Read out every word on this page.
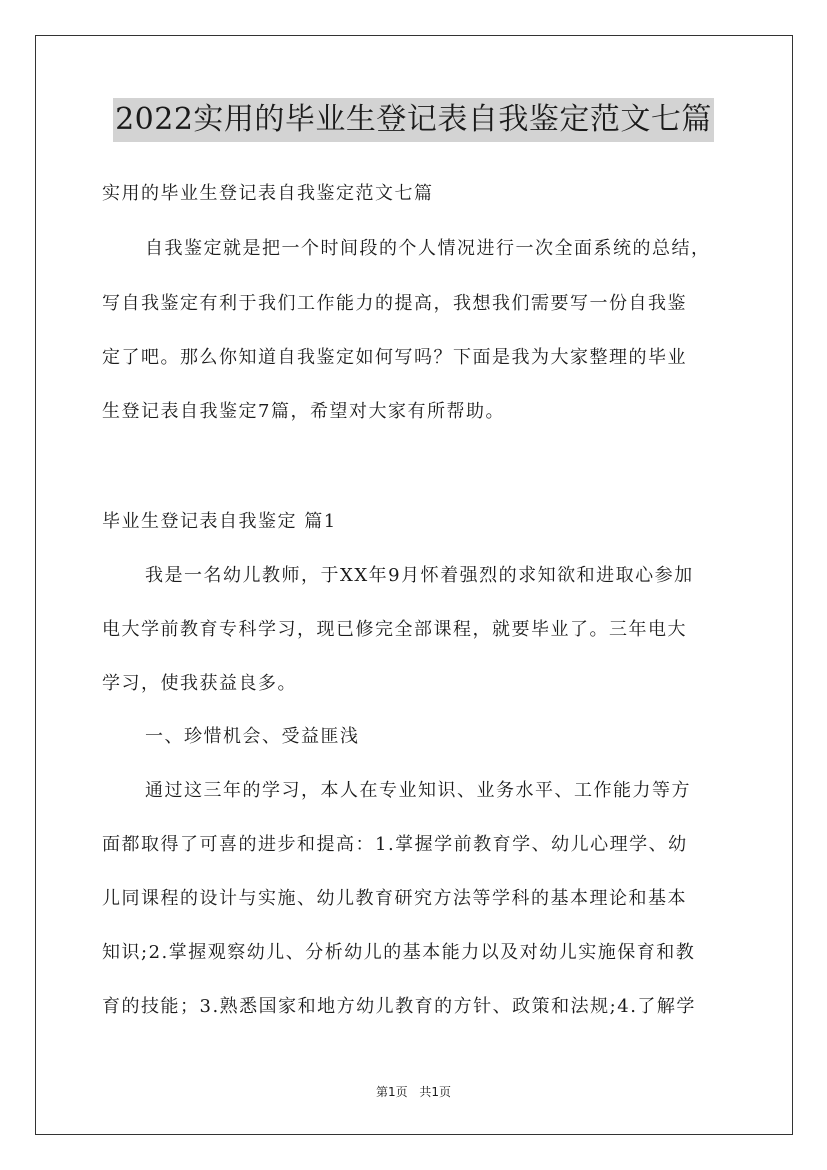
2022实用的毕业生登记表自我鉴定范文七篇
实用的毕业生登记表自我鉴定范文七篇
自我鉴定就是把一个时间段的个人情况进行一次全面系统的总结，
写自我鉴定有利于我们工作能力的提高，我想我们需要写一份自我鉴
定了吧。那么你知道自我鉴定如何写吗？下面是我为大家整理的毕业
生登记表自我鉴定7篇，希望对大家有所帮助。
毕业生登记表自我鉴定 篇1
我是一名幼儿教师，于XX年9月怀着强烈的求知欲和进取心参加
电大学前教育专科学习，现已修完全部课程，就要毕业了。三年电大
学习，使我获益良多。
一、珍惜机会、受益匪浅
通过这三年的学习，本人在专业知识、业务水平、工作能力等方
面都取得了可喜的进步和提高：1.掌握学前教育学、幼儿心理学、幼
儿同课程的设计与实施、幼儿教育研究方法等学科的基本理论和基本
知识;2.掌握观察幼儿、分析幼儿的基本能力以及对幼儿实施保育和教
育的技能；3.熟悉国家和地方幼儿教育的方针、政策和法规;4.了解学
第1页 共1页
